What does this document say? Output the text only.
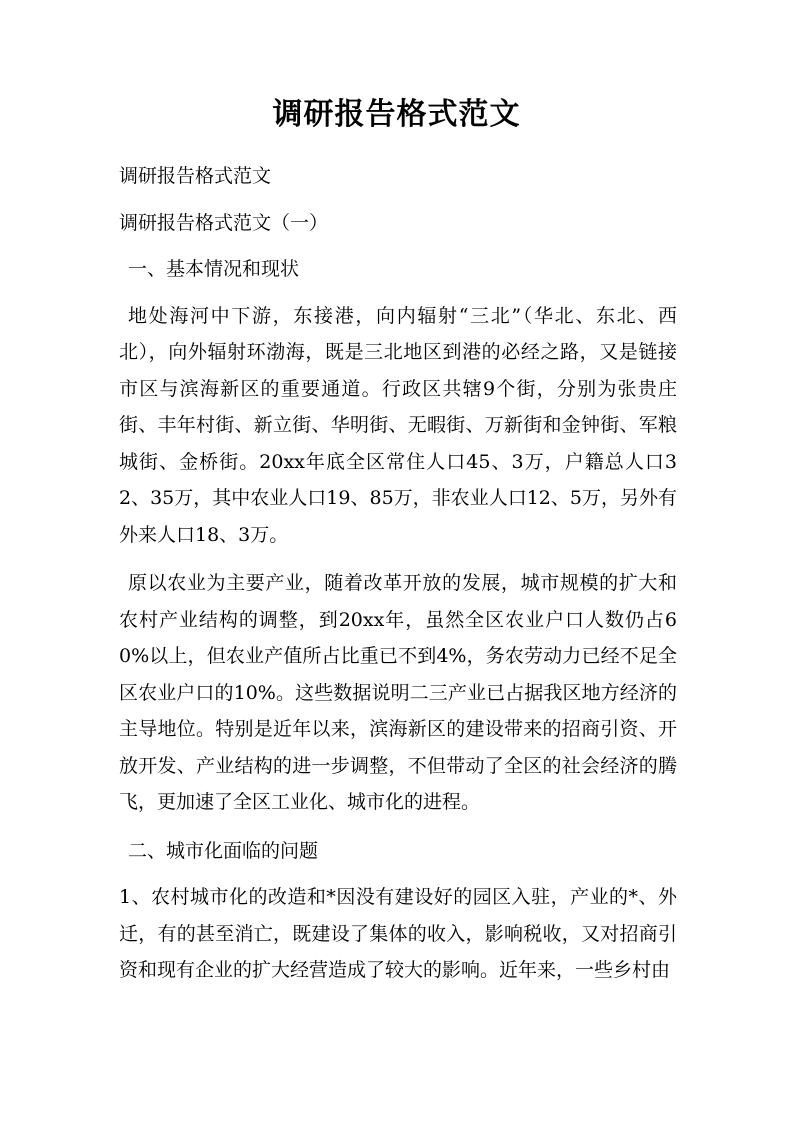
调研报告格式范文

调研报告格式范文

调研报告格式范文（一）

一、基本情况和现状

地处海河中下游，东接港，向内辐射“三北”（华北、东北、西北），向外辐射环渤海，既是三北地区到港的必经之路，又是链接市区与滨海新区的重要通道。行政区共辖9个街，分别为张贵庄街、丰年村街、新立街、华明街、无暇街、万新街和金钟街、军粮城街、金桥街。20xx年底全区常住人口45、3万，户籍总人口32、35万，其中农业人口19、85万，非农业人口12、5万，另外有外来人口18、3万。

原以农业为主要产业，随着改革开放的发展，城市规模的扩大和农村产业结构的调整，到20xx年，虽然全区农业户口人数仍占60%以上，但农业产值所占比重已不到4%，务农劳动力已经不足全区农业户口的10%。这些数据说明二三产业已占据我区地方经济的主导地位。特别是近年以来，滨海新区的建设带来的招商引资、开放开发、产业结构的进一步调整，不但带动了全区的社会经济的腾飞，更加速了全区工业化、城市化的进程。

二、城市化面临的问题

1、农村城市化的改造和*因没有建设好的园区入驻，产业的*、外迁，有的甚至消亡，既建设了集体的收入，影响税收，又对招商引资和现有企业的扩大经营造成了较大的影响。近年来，一些乡村由
